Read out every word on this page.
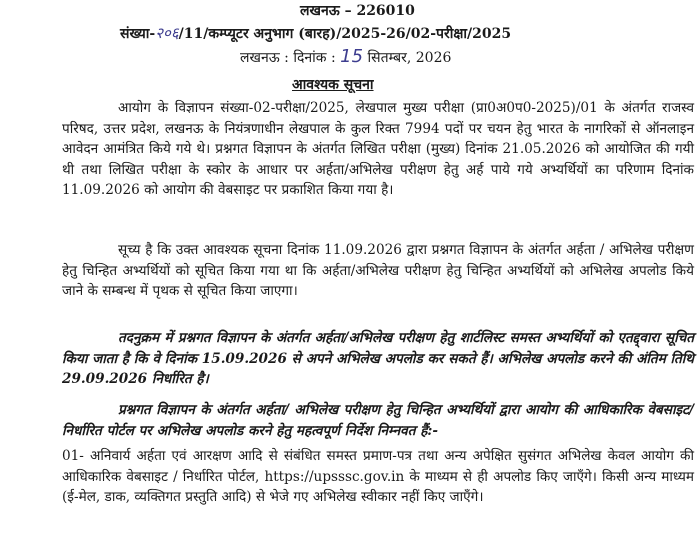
लखनऊ – 226010
संख्या-२०६/11/कम्प्यूटर अनुभाग (बारह)/2025-26/02-परीक्षा/2025
लखनऊ : दिनांक : 15 सितम्बर, 2026
आवश्यक सूचना
आयोग के विज्ञापन संख्या-02-परीक्षा/2025, लेखपाल मुख्य परीक्षा (प्रा0अ0प0-2025)/01 के अंतर्गत राजस्व परिषद, उत्तर प्रदेश, लखनऊ के नियंत्रणाधीन लेखपाल के कुल रिक्त 7994 पदों पर चयन हेतु भारत के नागरिकों से ऑनलाइन आवेदन आमंत्रित किये गये थे। प्रश्नगत विज्ञापन के अंतर्गत लिखित परीक्षा (मुख्य) दिनांक 21.05.2026 को आयोजित की गयी थी तथा लिखित परीक्षा के स्कोर के आधार पर अर्हता/अभिलेख परीक्षण हेतु अर्ह पाये गये अभ्यर्थियों का परिणाम दिनांक 11.09.2026 को आयोग की वेबसाइट पर प्रकाशित किया गया है।
सूच्य है कि उक्त आवश्यक सूचना दिनांक 11.09.2026 द्वारा प्रश्नगत विज्ञापन के अंतर्गत अर्हता / अभिलेख परीक्षण हेतु चिन्हित अभ्यर्थियों को सूचित किया गया था कि अर्हता/अभिलेख परीक्षण हेतु चिन्हित अभ्यर्थियों को अभिलेख अपलोड किये जाने के सम्बन्ध में पृथक से सूचित किया जाएगा।
तदनुक्रम में प्रश्नगत विज्ञापन के अंतर्गत अर्हता/अभिलेख परीक्षण हेतु शार्टलिस्ट समस्त अभ्यर्थियों को एतद्द्वारा सूचित किया जाता है कि वे दिनांक 15.09.2026 से अपने अभिलेख अपलोड कर सकते हैं। अभिलेख अपलोड करने की अंतिम तिथि 29.09.2026 निर्धारित है।
प्रश्नगत विज्ञापन के अंतर्गत अर्हता/ अभिलेख परीक्षण हेतु चिन्हित अभ्यर्थियों द्वारा आयोग की आधिकारिक वेबसाइट/निर्धारित पोर्टल पर अभिलेख अपलोड करने हेतु महत्वपूर्ण निर्देश निम्नवत हैं:-
01- अनिवार्य अर्हता एवं आरक्षण आदि से संबंधित समस्त प्रमाण-पत्र तथा अन्य अपेक्षित सुसंगत अभिलेख केवल आयोग की आधिकारिक वेबसाइट / निर्धारित पोर्टल, https://upsssc.gov.in के माध्यम से ही अपलोड किए जाएँगे। किसी अन्य माध्यम (ई-मेल, डाक, व्यक्तिगत प्रस्तुति आदि) से भेजे गए अभिलेख स्वीकार नहीं किए जाएँगे।
